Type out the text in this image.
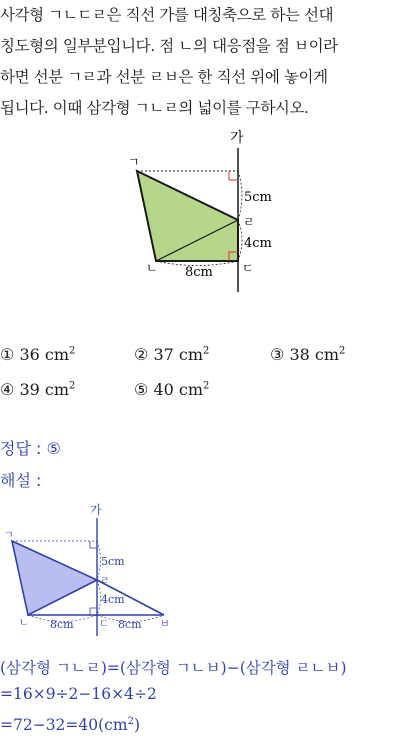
사각형 ㄱㄴㄷㄹ은 직선 가를 대칭축으로 하는 선대
칭도형의 일부분입니다. 점 ㄴ의 대응점을 점 ㅂ이라
하면 선분 ㄱㄹ과 선분 ㄹㅂ은 한 직선 위에 놓이게
됩니다. 이때 삼각형 ㄱㄴㄹ의 넓이를 구하시오.
가
ㄱ
ㄴ	ㄷ
ㄹ
5cm
4cm
8cm
① 36 $cm^2$	② 37 $cm^2$	③ 38 $cm^2$
④ 39 $cm^2$	⑤ 40 $cm^2$
정답 : ⑤
해설 :
가
ㄱ
ㄴ	ㄷ
ㄹ
ㅂ
5cm
4cm
8cm	8cm
(삼각형 ㄱㄴㄹ)=(삼각형 ㄱㄴㅂ)−(삼각형 ㄹㄴㅂ)
=16×9÷2−16×4÷2
$=72-32=40(cm^2)$
